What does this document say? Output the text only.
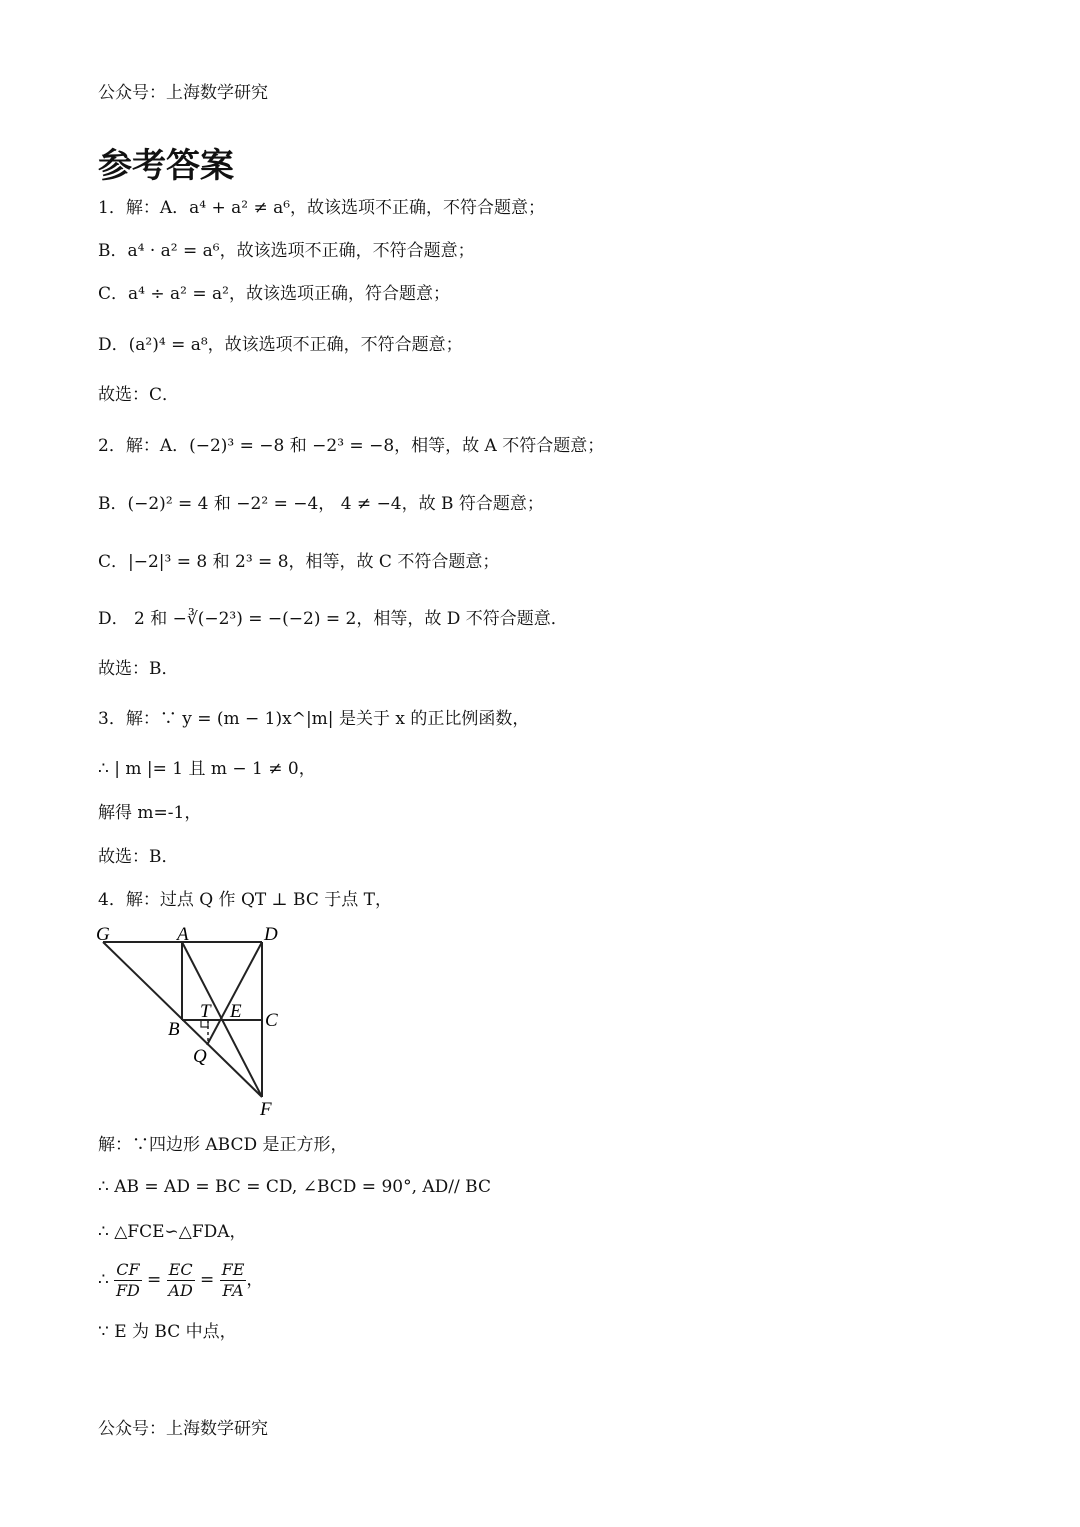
公众号：上海数学研究
参考答案
1．解：A．a⁴ + a² ≠ a⁶，故该选项不正确，不符合题意；
B．a⁴ · a² = a⁶，故该选项不正确，不符合题意；
C．a⁴ ÷ a² = a²，故该选项正确，符合题意；
D．(a²)⁴ = a⁸，故该选项不正确，不符合题意；
故选：C．
2．解：A．(−2)³ = −8 和 −2³ = −8，相等，故 A 不符合题意；
B．(−2)² = 4 和 −2² = −4， 4 ≠ −4，故 B 符合题意；
C．|−2|³ = 8 和 2³ = 8，相等，故 C 不符合题意；
D． 2 和 −∛(−2³) = −(−2) = 2，相等，故 D 不符合题意．
故选：B．
3．解：∵ y = (m − 1)x^|m| 是关于 x 的正比例函数，
∴ | m |= 1 且 m − 1 ≠ 0，
解得 m=-1，
故选：B．
4．解：过点 Q 作 QT ⊥ BC 于点 T，
G	A	D
T E C
B
Q
F
解：∵四边形 ABCD 是正方形，
∴ AB = AD = BC = CD, ∠BCD = 90°, AD// BC
∴ △FCE∽△FDA，
∴ $\frac{CF}{FD} = \frac{EC}{AD} = \frac{FE}{FA}$ ，
∵ E 为 BC 中点，
公众号：上海数学研究
